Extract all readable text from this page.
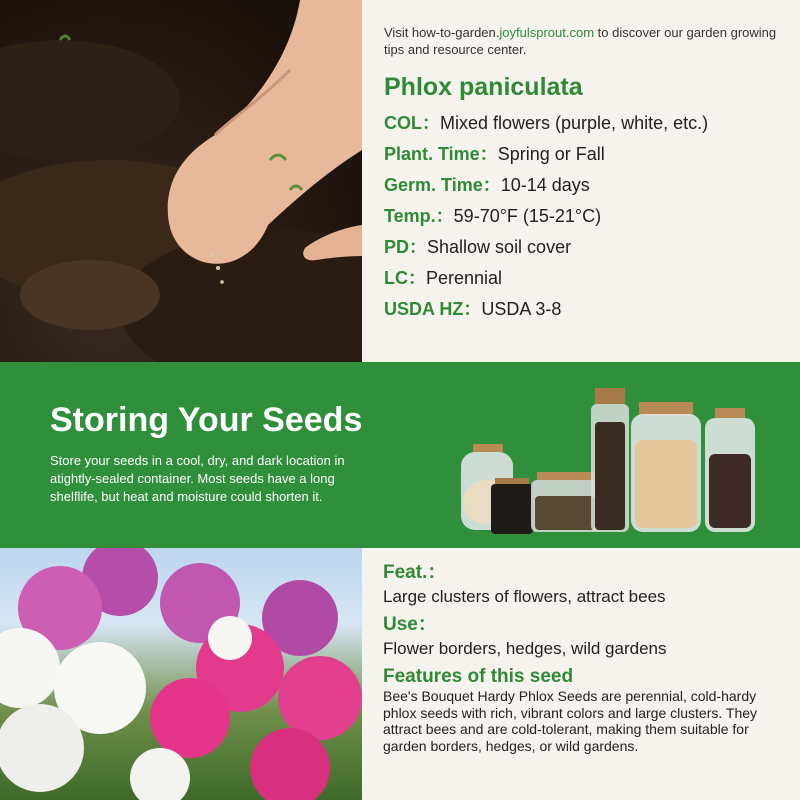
Visit how-to-garden.joyfulsprout.com to discover our garden growing tips and resource center.

Phlox paniculata

COL：Mixed flowers (purple, white, etc.)

Plant. Time：Spring or Fall

Germ. Time：10-14 days

Temp.：59-70°F (15-21°C)

PD：Shallow soil cover

LC：Perennial

USDA HZ：USDA 3-8

Storing Your Seeds

Store your seeds in a cool, dry, and dark location in atightly-sealed container. Most seeds have a long shelflife, but heat and moisture could shorten it.

Feat.：

Large clusters of flowers, attract bees

Use：

Flower borders, hedges, wild gardens

Features of this seed

Bee's Bouquet Hardy Phlox Seeds are perennial, cold-hardy phlox seeds with rich, vibrant colors and large clusters. They attract bees and are cold-tolerant, making them suitable for garden borders, hedges, or wild gardens.
